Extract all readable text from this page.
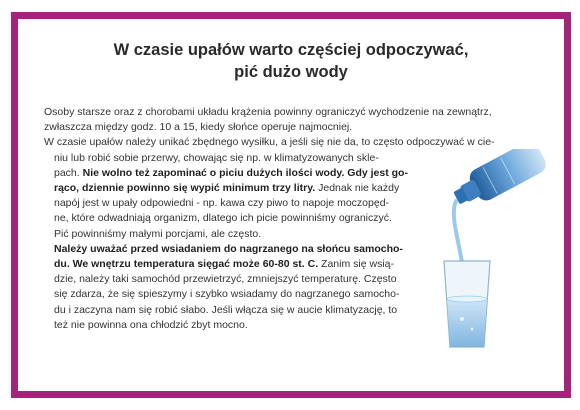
W czasie upałów warto częściej odpoczywać,
pić dużo wody

Osoby starsze oraz z chorobami układu krążenia powinny ograniczyć wychodzenie na zewnątrz,
zwłaszcza między godz. 10 a 15, kiedy słońce operuje najmocniej.

W czasie upałów należy unikać zbędnego wysiłku, a jeśli się nie da, to często odpoczywać w cie-
niu lub robić sobie przerwy, chowając się np. w klimatyzowanych skle-
pach. Nie wolno też zapominać o piciu dużych ilości wody. Gdy jest go-
rąco, dziennie powinno się wypić minimum trzy litry. Jednak nie każdy
napój jest w upały odpowiedni - np. kawa czy piwo to napoje moczopęd-
ne, które odwadniają organizm, dlatego ich picie powinniśmy ograniczyć.
Pić powinniśmy małymi porcjami, ale często.

Należy uważać przed wsiadaniem do nagrzanego na słońcu samocho-
du. We wnętrzu temperatura sięgać może 60-80 st. C. Zanim się wsią-
dzie, należy taki samochód przewietrzyć, zmniejszyć temperaturę. Często
się zdarza, że się spieszymy i szybko wsiadamy do nagrzanego samocho-
du i zaczyna nam się robić słabo. Jeśli włącza się w aucie klimatyzację, to
też nie powinna ona chłodzić zbyt mocno.
